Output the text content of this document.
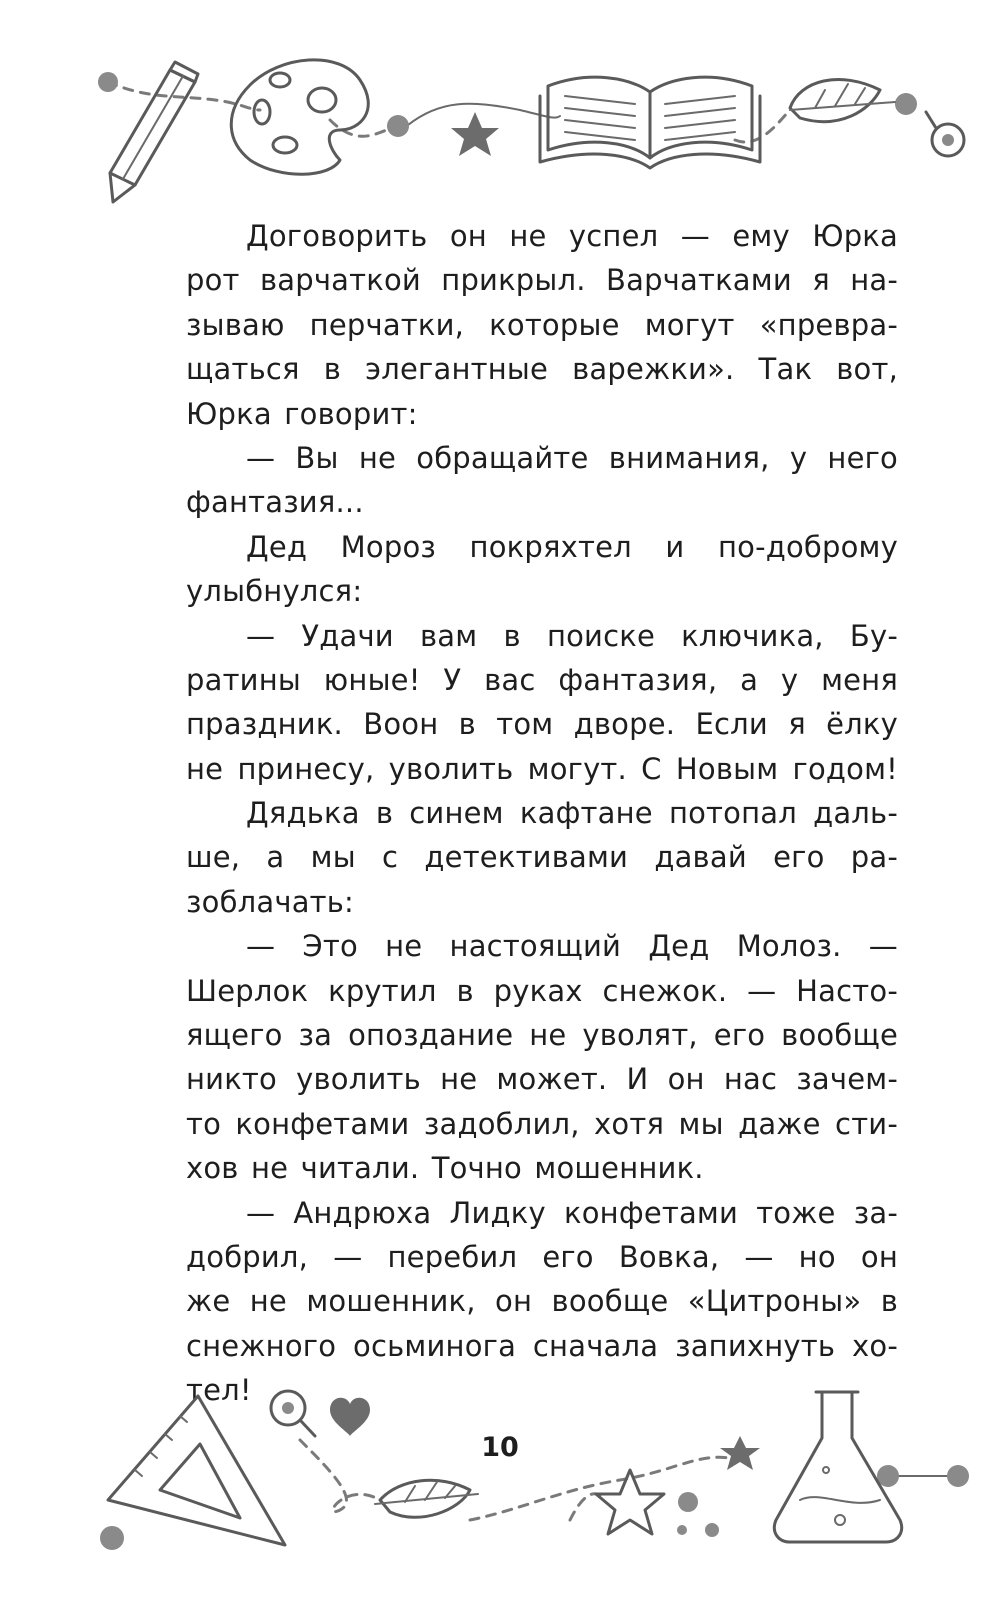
Договорить он не успел — ему Юрка
рот варчаткой прикрыл. Варчатками я на-
зываю перчатки, которые могут «превра-
щаться в элегантные варежки». Так вот,
Юрка говорит:
— Вы не обращайте внимания, у него
фантазия...
Дед Мороз покряхтел и по-доброму
улыбнулся:
— Удачи вам в поиске ключика, Бу-
ратины юные! У вас фантазия, а у меня
праздник. Воон в том дворе. Если я ёлку
не принесу, уволить могут. С Новым годом!
Дядька в синем кафтане потопал даль-
ше, а мы с детективами давай его ра-
зоблачать:
— Это не настоящий Дед Молоз. —
Шерлок крутил в руках снежок. — Насто-
ящего за опоздание не уволят, его вообще
никто уволить не может. И он нас зачем-
то конфетами задоблил, хотя мы даже сти-
хов не читали. Точно мошенник.
— Андрюха Лидку конфетами тоже за-
добрил, — перебил его Вовка, — но он
же не мошенник, он вообще «Цитроны» в
снежного осьминога сначала запихнуть хо-
тел!
10
